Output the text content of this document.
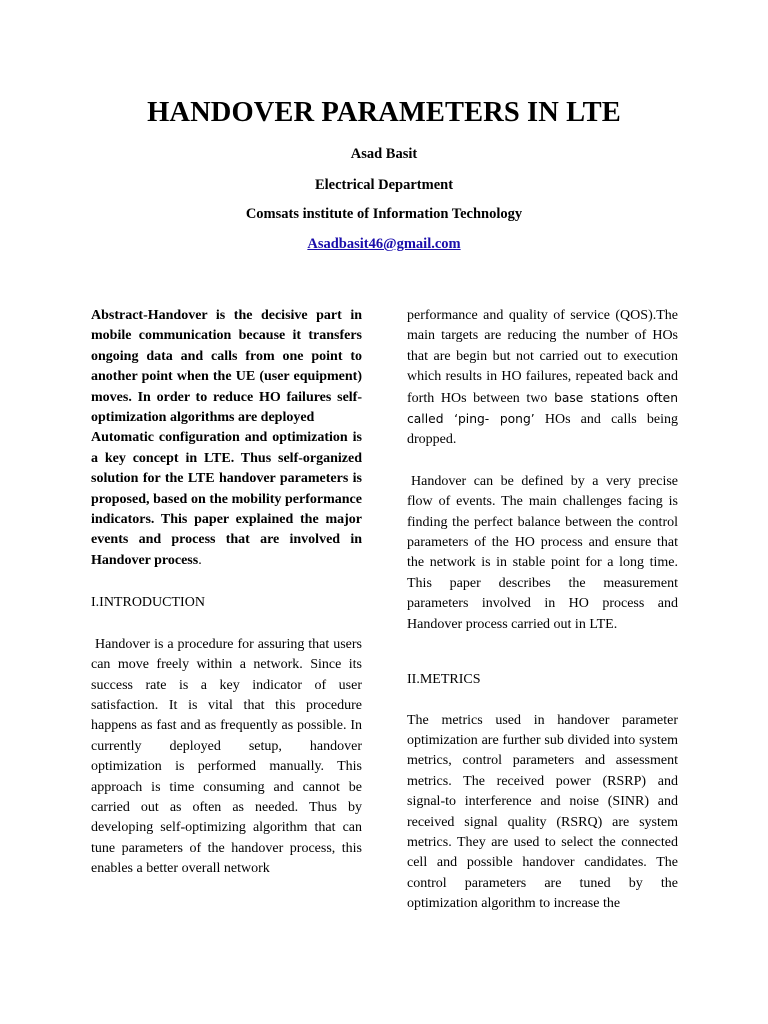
HANDOVER PARAMETERS IN LTE
Asad Basit
Electrical Department
Comsats institute of Information Technology
Asadbasit46@gmail.com

Abstract-Handover is the decisive part in mobile communication because it transfers ongoing data and calls from one point to another point when the UE (user equipment) moves. In order to reduce HO failures self-optimization algorithms are deployed

Automatic configuration and optimization is a key concept in LTE. Thus self-organized solution for the LTE handover parameters is proposed, based on the mobility performance indicators. This paper explained the major events and process that are involved in Handover process.

I.INTRODUCTION

Handover is a procedure for assuring that users can move freely within a network. Since its success rate is a key indicator of user satisfaction. It is vital that this procedure happens as fast and as frequently as possible. In currently deployed setup, handover optimization is performed manually. This approach is time consuming and cannot be carried out as often as needed. Thus by developing self-optimizing algorithm that can tune parameters of the handover process, this enables a better overall network

performance and quality of service (QOS).The main targets are reducing the number of HOs that are begin but not carried out to execution which results in HO failures, repeated back and forth HOs between two base stations often called ‘ping- pong’ HOs and calls being dropped.

Handover can be defined by a very precise flow of events. The main challenges facing is finding the perfect balance between the control parameters of the HO process and ensure that the network is in stable point for a long time. This paper describes the measurement parameters involved in HO process and Handover process carried out in LTE.

II.METRICS

The metrics used in handover parameter optimization are further sub divided into system metrics, control parameters and assessment metrics. The received power (RSRP) and signal-to interference and noise (SINR) and received signal quality (RSRQ) are system metrics. They are used to select the connected cell and possible handover candidates. The control parameters are tuned by the optimization algorithm to increase the
